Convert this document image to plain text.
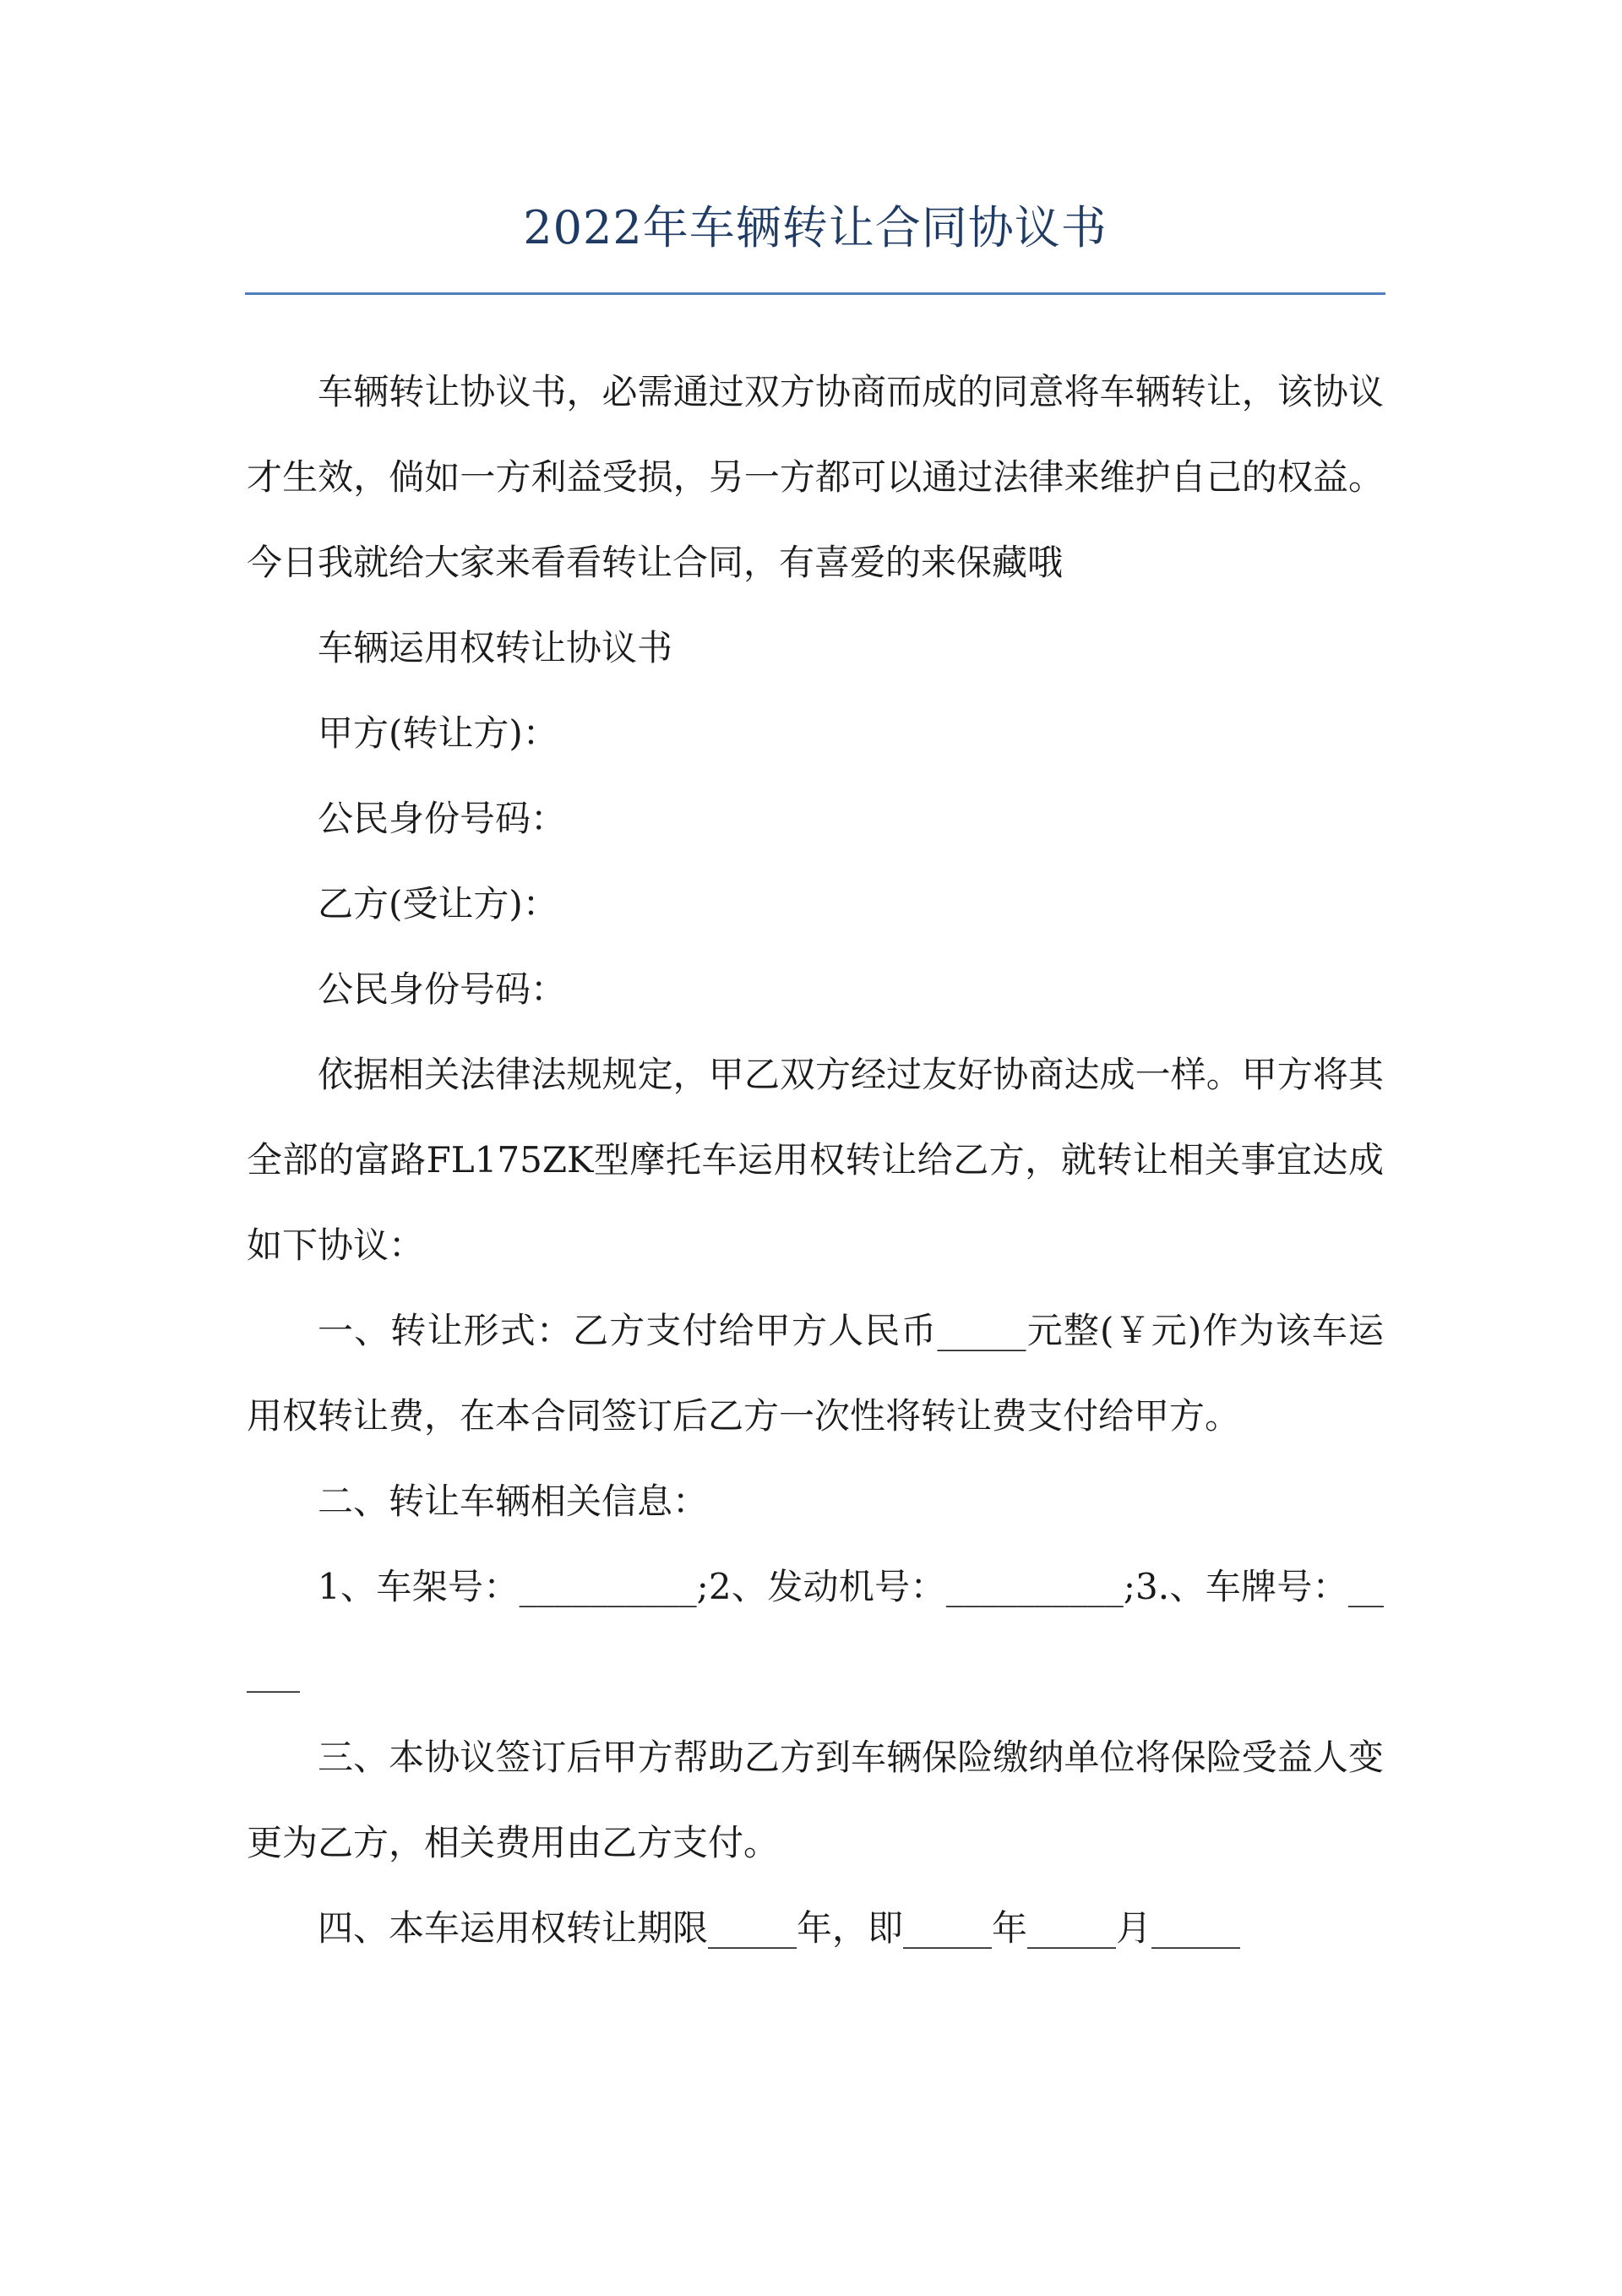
2022年车辆转让合同协议书

车辆转让协议书，必需通过双方协商而成的同意将车辆转让，该协议才生效，倘如一方利益受损，另一方都可以通过法律来维护自己的权益。今日我就给大家来看看转让合同，有喜爱的来保藏哦

车辆运用权转让协议书

甲方(转让方)：

公民身份号码：

乙方(受让方)：

公民身份号码：

依据相关法律法规规定，甲乙双方经过友好协商达成一样。甲方将其全部的富路FL175ZK型摩托车运用权转让给乙方，就转让相关事宜达成如下协议：

一、转让形式：乙方支付给甲方人民币_____元整(￥元)作为该车运用权转让费，在本合同签订后乙方一次性将转让费支付给甲方。

二、转让车辆相关信息：

1、车架号：__________;2、发动机号：__________;3.、车牌号：_____

三、本协议签订后甲方帮助乙方到车辆保险缴纳单位将保险受益人变更为乙方，相关费用由乙方支付。

四、本车运用权转让期限_____年，即_____年_____月_____
